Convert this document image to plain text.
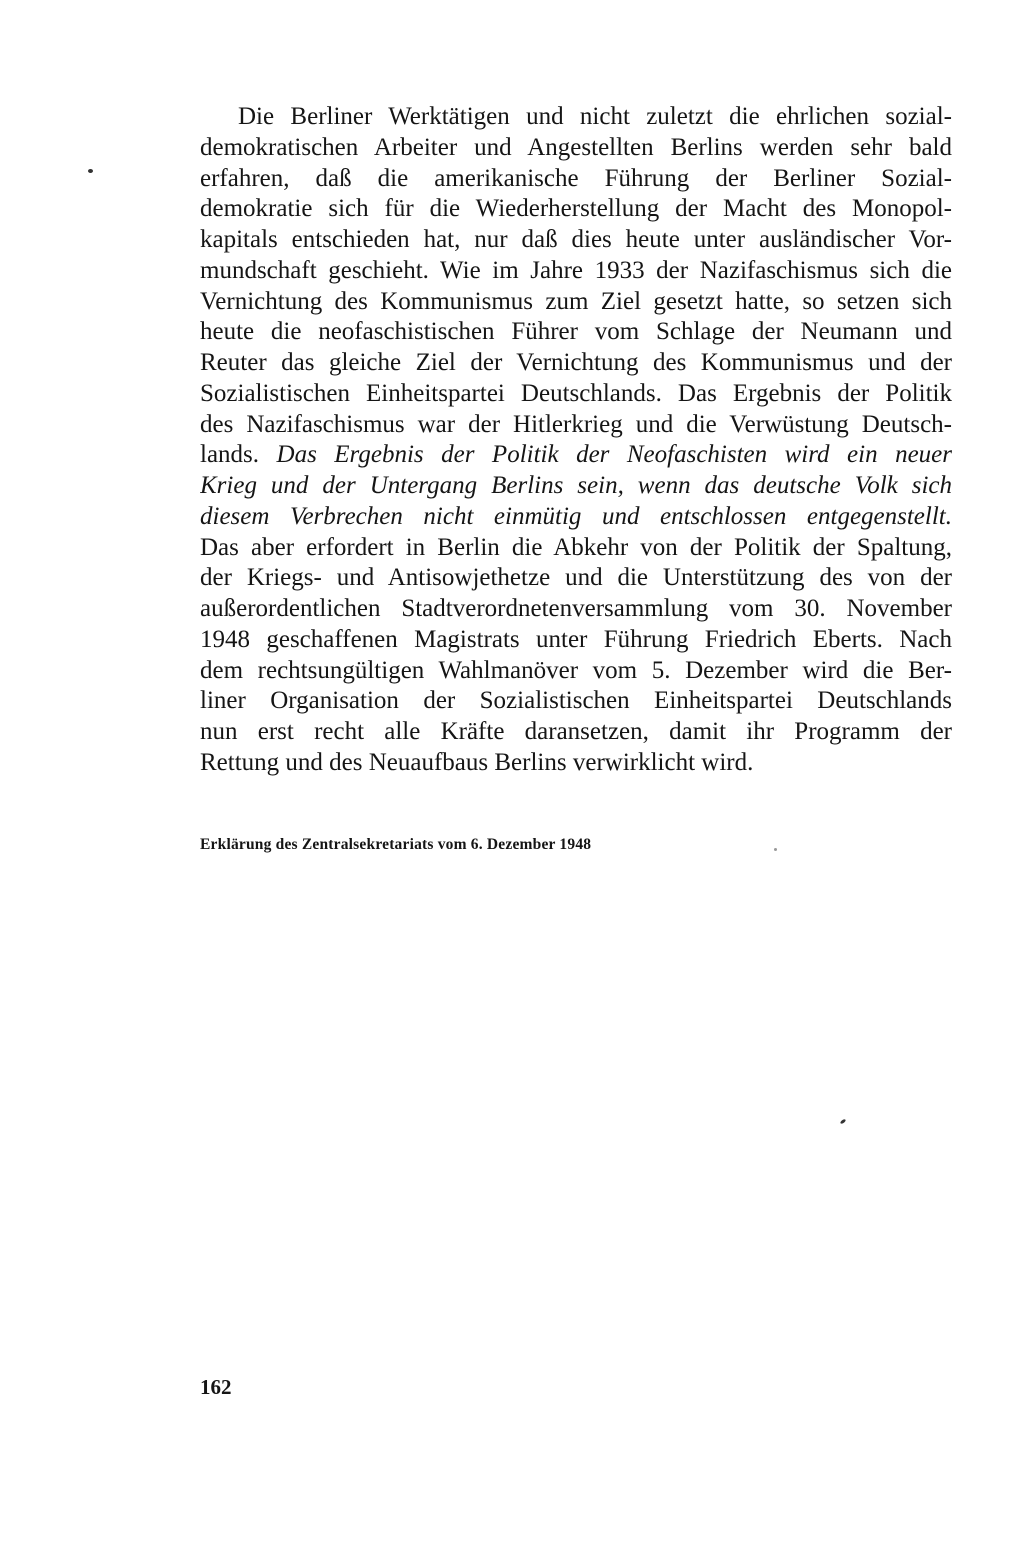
Die Berliner Werktätigen und nicht zuletzt die ehrlichen sozial-
demokratischen Arbeiter und Angestellten Berlins werden sehr bald
erfahren, daß die amerikanische Führung der Berliner Sozial-
demokratie sich für die Wiederherstellung der Macht des Monopol-
kapitals entschieden hat, nur daß dies heute unter ausländischer Vor-
mundschaft geschieht. Wie im Jahre 1933 der Nazifaschismus sich die
Vernichtung des Kommunismus zum Ziel gesetzt hatte, so setzen sich
heute die neofaschistischen Führer vom Schlage der Neumann und
Reuter das gleiche Ziel der Vernichtung des Kommunismus und der
Sozialistischen Einheitspartei Deutschlands. Das Ergebnis der Politik
des Nazifaschismus war der Hitlerkrieg und die Verwüstung Deutsch-
lands. Das Ergebnis der Politik der Neofaschisten wird ein neuer
Krieg und der Untergang Berlins sein, wenn das deutsche Volk sich
diesem Verbrechen nicht einmütig und entschlossen entgegenstellt.
Das aber erfordert in Berlin die Abkehr von der Politik der Spaltung,
der Kriegs- und Antisowjethetze und die Unterstützung des von der
außerordentlichen Stadtverordnetenversammlung vom 30. November
1948 geschaffenen Magistrats unter Führung Friedrich Eberts. Nach
dem rechtsungültigen Wahlmanöver vom 5. Dezember wird die Ber-
liner Organisation der Sozialistischen Einheitspartei Deutschlands
nun erst recht alle Kräfte daransetzen, damit ihr Programm der
Rettung und des Neuaufbaus Berlins verwirklicht wird.
Erklärung des Zentralsekretariats vom 6. Dezember 1948
162
